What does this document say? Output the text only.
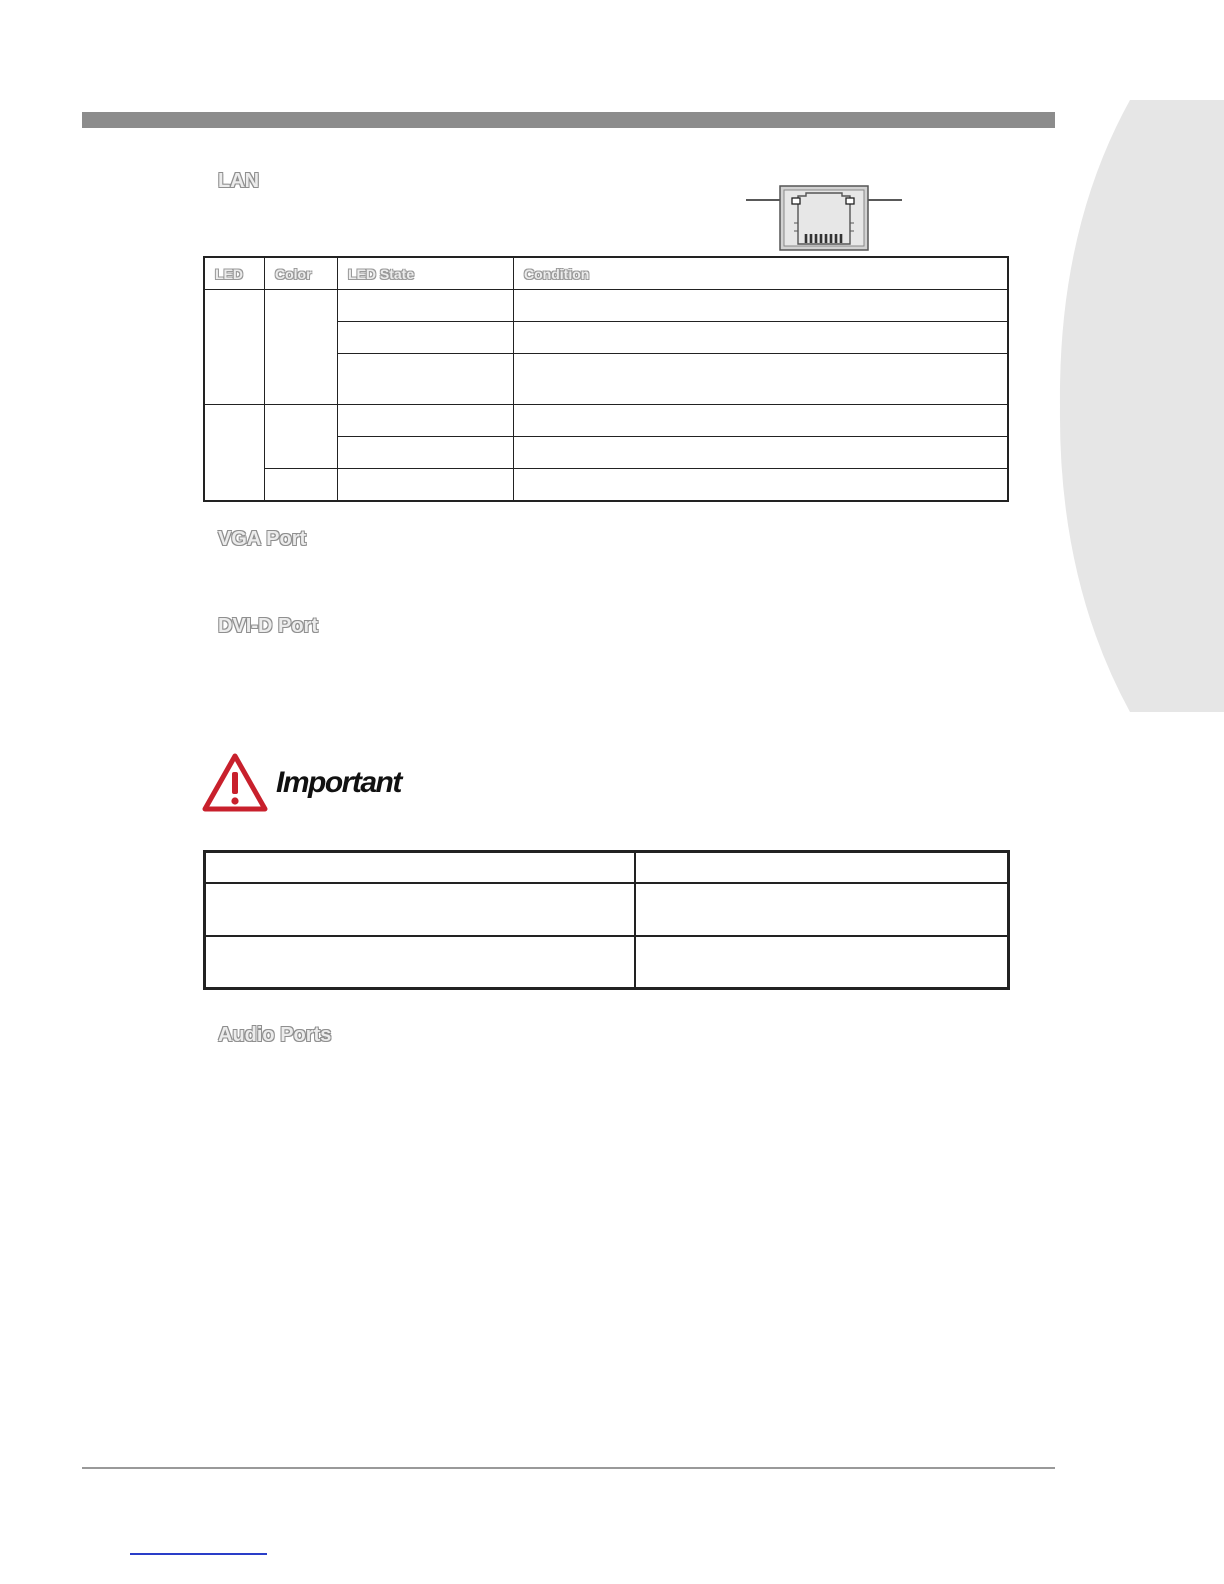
LAN
LED	Color	LED State	Condition

VGA Port
DVI-D Port
Important

Audio Ports
